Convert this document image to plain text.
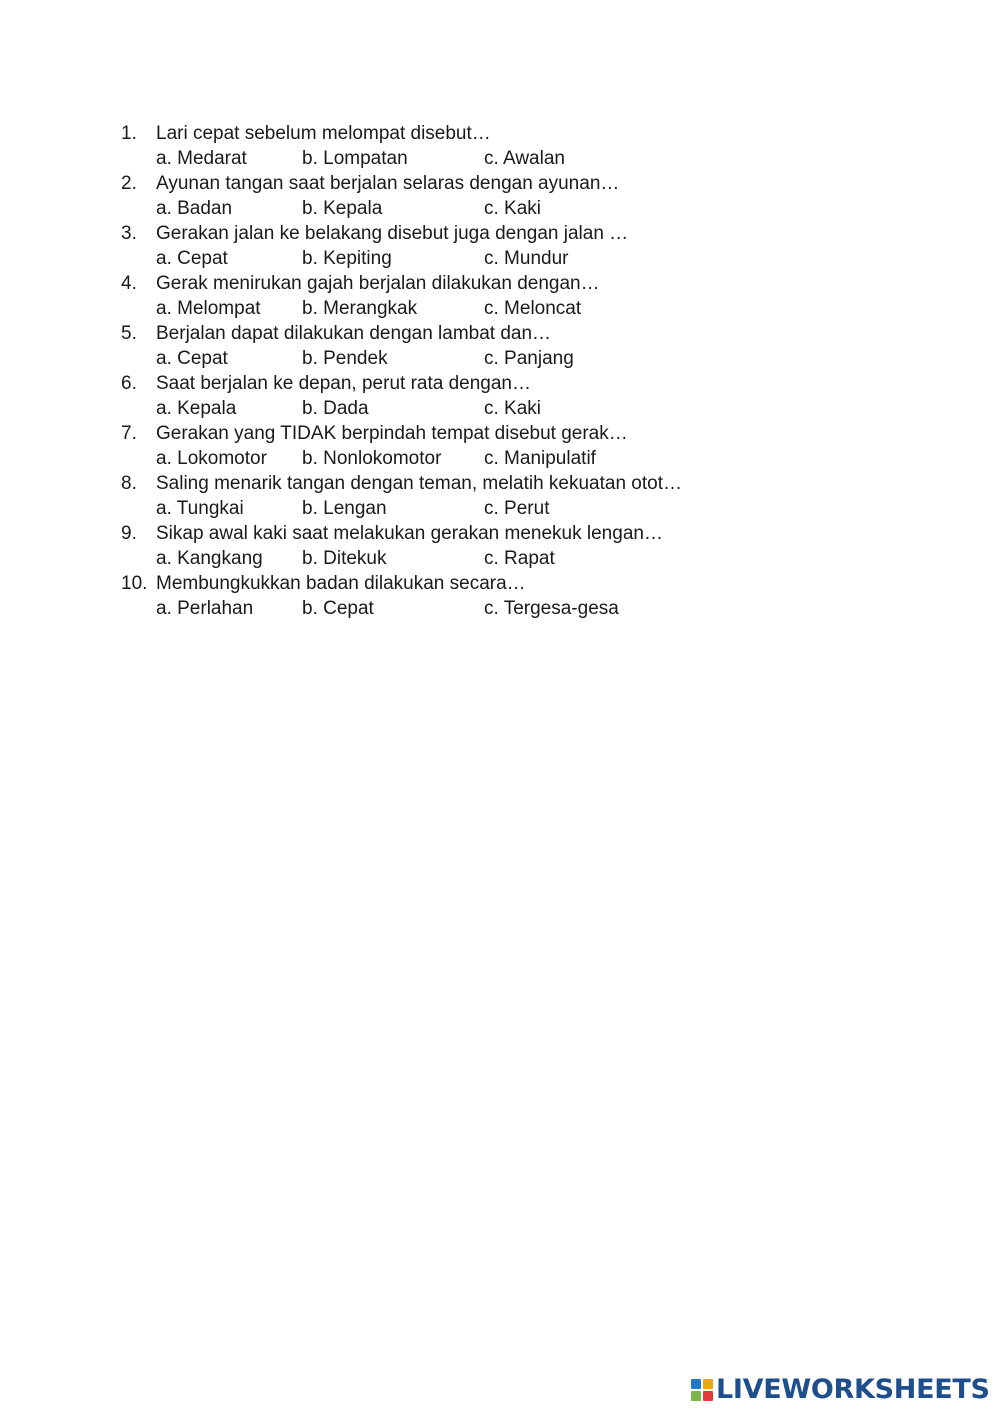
1.	Lari cepat sebelum melompat disebut…
a. Medarat	b. Lompatan	c. Awalan
2.	Ayunan tangan saat berjalan selaras dengan ayunan…
a. Badan	b. Kepala	c. Kaki
3.	Gerakan jalan ke belakang disebut juga dengan jalan …
a. Cepat	b. Kepiting	c. Mundur
4.	Gerak menirukan gajah berjalan dilakukan dengan…
a. Melompat	b. Merangkak	c. Meloncat
5.	Berjalan dapat dilakukan dengan lambat dan…
a. Cepat	b. Pendek	c. Panjang
6.	Saat berjalan ke depan, perut rata dengan…
a. Kepala	b. Dada	c. Kaki
7.	Gerakan yang TIDAK berpindah tempat disebut gerak…
a. Lokomotor	b. Nonlokomotor	c. Manipulatif
8.	Saling menarik tangan dengan teman, melatih kekuatan otot…
a. Tungkai	b. Lengan	c. Perut
9.	Sikap awal kaki saat melakukan gerakan menekuk lengan…
a. Kangkang	b. Ditekuk	c. Rapat
10. Membungkukkan badan dilakukan secara…
a. Perlahan	b. Cepat	c. Tergesa-gesa
LIVEWORKSHEETS
